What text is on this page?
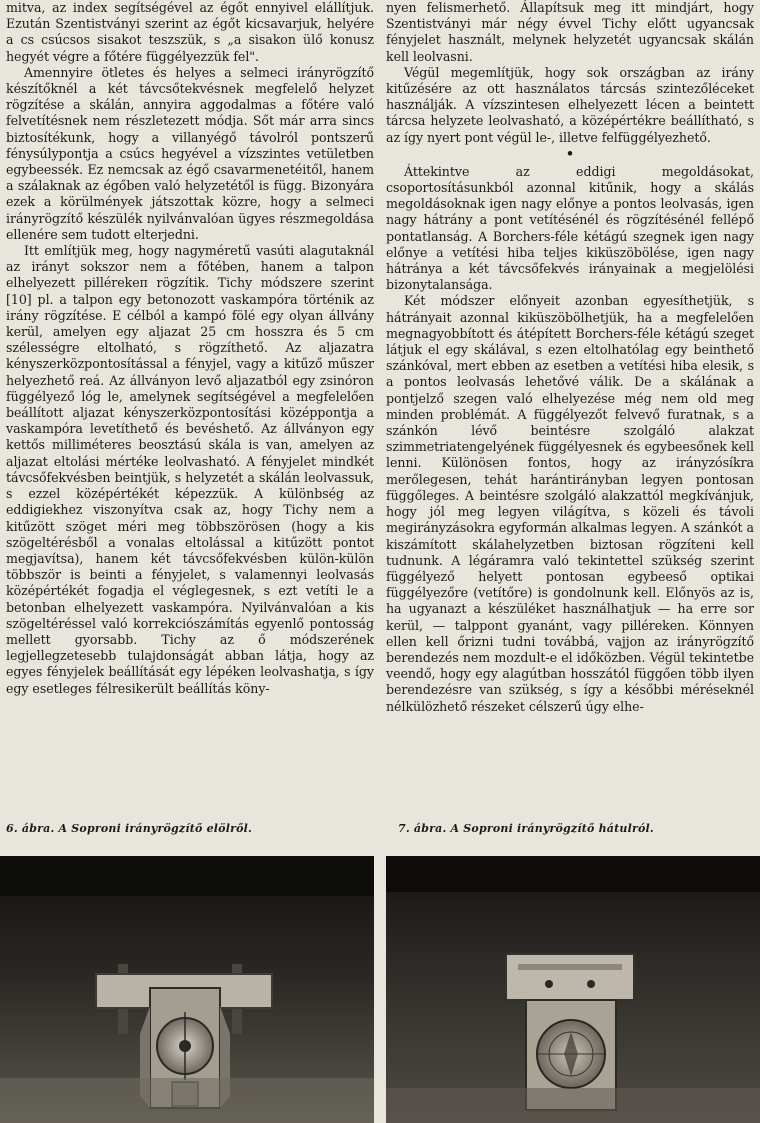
mitva, az index segítségével az égőt ennyivel elállítjuk. Ezután Szentistványi szerint az égőt kicsavarjuk, helyére a cs csúcsos sisakot teszszük, s „a sisakon ülő konusz hegyét végre a főtére függélyezzük fel".

Amennyire ötletes és helyes a selmeci irányrögzítő készítőknél a két távcsőtekvésnek megfelelő helyzet rögzítése a skálán, annyira aggodalmas a főtére való felvetítésnek nem részletezett módja. Sőt már arra sincs biztosítékunk, hogy a villanyégő távolról pontszerű fénysúlypontja a csúcs hegyével a vízszintes vetületben egybeessék. Ez nemcsak az égő csavarmenetéitől, hanem a szálaknak az égőben való helyzetétől is függ. Bizonyára ezek a körülmények játszottak közre, hogy a selmeci irányrögzítő készülék nyilvánvalóan ügyes részmegoldása ellenére sem tudott elterjedni.

Itt említjük meg, hogy nagyméretű vasúti alagutaknál az irányt sokszor nem a főtében, hanem a talpon elhelyezett pillérekeп rögzítik. Tichy módszere szerint [10] pl. a talpon egy betonozott vaskampóra történik az irány rögzítése. E célból a kampó fölé egy olyan állvány kerül, amelyen egy aljazat 25 cm hosszra és 5 cm szélességre eltolható, s rögzíthető. Az aljazatra kényszerközpontosítással a fényjel, vagy a kitűző műszer helyezhető reá. Az állványon levő aljazatból egy zsinóron függélyező lóg le, amelynek segítségével a megfelelően beállított aljazat kényszerközpontosítási középpontja a vaskampóra levetíthető és bevéshető. Az állványon egy kettős milliméteres beosztású skála is van, amelyen az aljazat eltolási mértéke leolvasható. A fényjelet mindkét távcsőfekvésben beintjük, s helyzetét a skálán leolvassuk, s ezzel középértékét képezzük. A különbség az eddigiekhez viszonyítva csak az, hogy Tichy nem a kitűzött szöget méri meg többszörösen (hogy a kis szögeltérésből a vonalas eltolással a kitűzött pontot megjavítsa), hanem két távcsőfekvésben külön-külön többször is beinti a fényjelet, s valamennyi leolvasás középértékét fogadja el véglegesnek, s ezt vetíti le a betonban elhelyezett vaskampóra. Nyilvánvalóan a kis szögeltéréssel való korrekciószámítás egyenlő pontosság mellett gyorsabb. Tichy az ő módszerének legjellegzetesebb tulajdonságát abban látja, hogy az egyes fényjelek beállítását egy lépéken leolvashatja, s így egy esetleges félresikerült beállítás köny-

nyen felismerhető. Állapítsuk meg itt mindjárt, hogy Szentistványi már négy évvel Tichy előtt ugyancsak fényjelet használt, melynek helyzetét ugyancsak skálán kell leolvasni.

Végül megemlítjük, hogy sok országban az irány kitűzésére az ott használatos tárcsás szintezőléceket használják. A vízszintesen elhelyezett lécen a beintett tárcsa helyzete leolvasható, a középértékre beállítható, s az így nyert pont végül le-, illetve felfüggélyezhető.

•

Áttekintve az eddigi megoldásokat, csoportosításunkból azonnal kitűnik, hogy a skálás megoldásoknak igen nagy előnye a pontos leolvasás, igen nagy hátrány a pont vetítésénél és rögzítésénél fellépő pontatlanság. A Borchers-féle kétágú szegnek igen nagy előnye a vetítési hiba teljes kiküszöbölése, igen nagy hátránya a két távcsőfekvés irányainak a megjelölési bizonytalansága.

Két módszer előnyeit azonban egyesíthetjük, s hátrányait azonnal kiküszöbölhetjük, ha a megfelelően megnagyobbított és átépített Borchers-féle kétágú szeget látjuk el egy skálával, s ezen eltolhatólag egy beinthető szánkóval, mert ebben az esetben a vetítési hiba elesik, s a pontos leolvasás lehetővé válik. De a skálának a pontjelző szegen való elhelyezése még nem old meg minden problémát. A függélyezőt felvevő furatnak, s a szánkón lévő beintésre szolgáló alakzat szimmetriatengelyének függélyesnek és egybeesőnek kell lenni. Különösen fontos, hogy az irányzósíkra merőlegesen, tehát harántirányban legyen pontosan függőleges. A beintésre szolgáló alakzattól megkívánjuk, hogy jól meg legyen világítva, s közeli és távoli megirányzásokra egyformán alkalmas legyen. A szánkót a kiszámított skálahelyzetben biztosan rögzíteni kell tudnunk. A légáramra való tekintettel szükség szerint függélyező helyett pontosan egybeeső optikai függélyezőre (vetítőre) is gondolnunk kell. Előnyös az is, ha ugyanazt a készüléket használhatjuk — ha erre sor kerül, — talppont gyanánt, vagy pillérеken. Könnyen ellen kell őrizni tudni továbbá, vajjon az irányrögzítő berendezés nem mozdult-e el időközben. Végül tekintetbe veendő, hogy egy alagútban hosszától függően több ilyen berendezésre van szükség, s így a későbbi méréseknél nélkülözhető részeket célszerű úgy elhe-

6. ábra. A Soproni irányrögzítő elölről.	7. ábra. A Soproni irányrögzítő hátulról.
